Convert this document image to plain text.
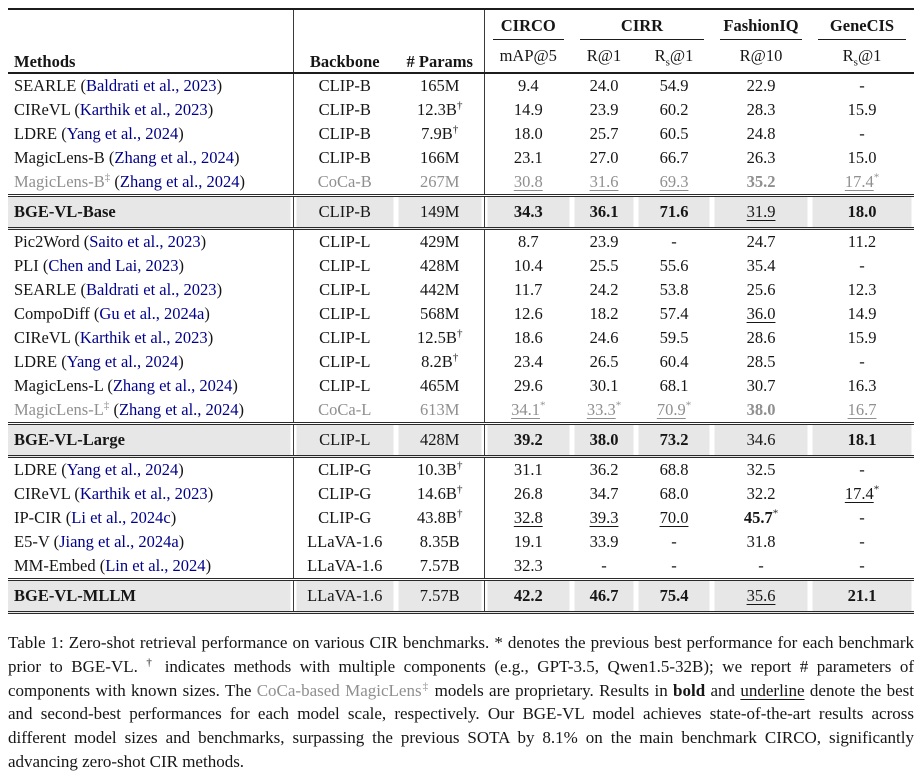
Methods	Backbone	# Params	CIRCO	CIRR		FashionIQ	GeneCIS

			mAP@5	R@1	$R_s@1$	R@10	$R_s@1$
SEARLE (Baldrati et al., 2023)	CLIP-B	165M	9.4	24.0	54.9	22.9	-
CIReVL (Karthik et al., 2023)	CLIP-B	12.3B†	14.9	23.9	60.2	28.3	15.9
LDRE (Yang et al., 2024)	CLIP-B	7.9B†	18.0	25.7	60.5	24.8	-
MagicLens-B (Zhang et al., 2024)	CLIP-B	166M	23.1	27.0	66.7	26.3	15.0
MagicLens-B‡ (Zhang et al., 2024)	CoCa-B	267M	30.8	31.6	69.3	35.2	17.4*
BGE-VL-Base	CLIP-B	149M	34.3	36.1	71.6	31.9	18.0
Pic2Word (Saito et al., 2023)	CLIP-L	429M	8.7	23.9	-	24.7	11.2
PLI (Chen and Lai, 2023)	CLIP-L	428M	10.4	25.5	55.6	35.4	-
SEARLE (Baldrati et al., 2023)	CLIP-L	442M	11.7	24.2	53.8	25.6	12.3
CompoDiff (Gu et al., 2024a)	CLIP-L	568M	12.6	18.2	57.4	36.0	14.9
CIReVL (Karthik et al., 2023)	CLIP-L	12.5B†	18.6	24.6	59.5	28.6	15.9
LDRE (Yang et al., 2024)	CLIP-L	8.2B†	23.4	26.5	60.4	28.5	-
MagicLens-L (Zhang et al., 2024)	CLIP-L	465M	29.6	30.1	68.1	30.7	16.3
MagicLens-L‡ (Zhang et al., 2024)	CoCa-L	613M	34.1*	33.3*	70.9*	38.0	16.7
BGE-VL-Large	CLIP-L	428M	39.2	38.0	73.2	34.6	18.1
LDRE (Yang et al., 2024)	CLIP-G	10.3B†	31.1	36.2	68.8	32.5	-
CIReVL (Karthik et al., 2023)	CLIP-G	14.6B†	26.8	34.7	68.0	32.2	17.4*
IP-CIR (Li et al., 2024c)	CLIP-G	43.8B†	32.8	39.3	70.0	45.7*	-
E5-V (Jiang et al., 2024a)	LLaVA-1.6	8.35B	19.1	33.9	-	31.8	-
MM-Embed (Lin et al., 2024)	LLaVA-1.6	7.57B	32.3	-	-	-	-
BGE-VL-MLLM	LLaVA-1.6	7.57B	42.2	46.7	75.4	35.6	21.1

Table 1: Zero-shot retrieval performance on various CIR benchmarks. * denotes the previous best performance for each benchmark prior to BGE-VL. † indicates methods with multiple components (e.g., GPT-3.5, Qwen1.5-32B); we report # parameters of components with known sizes. The CoCa-based MagicLens‡ models are proprietary. Results in bold and underline denote the best and second-best performances for each model scale, respectively. Our BGE-VL model achieves state-of-the-art results across different model sizes and benchmarks, surpassing the previous SOTA by 8.1% on the main benchmark CIRCO, significantly advancing zero-shot CIR methods.
